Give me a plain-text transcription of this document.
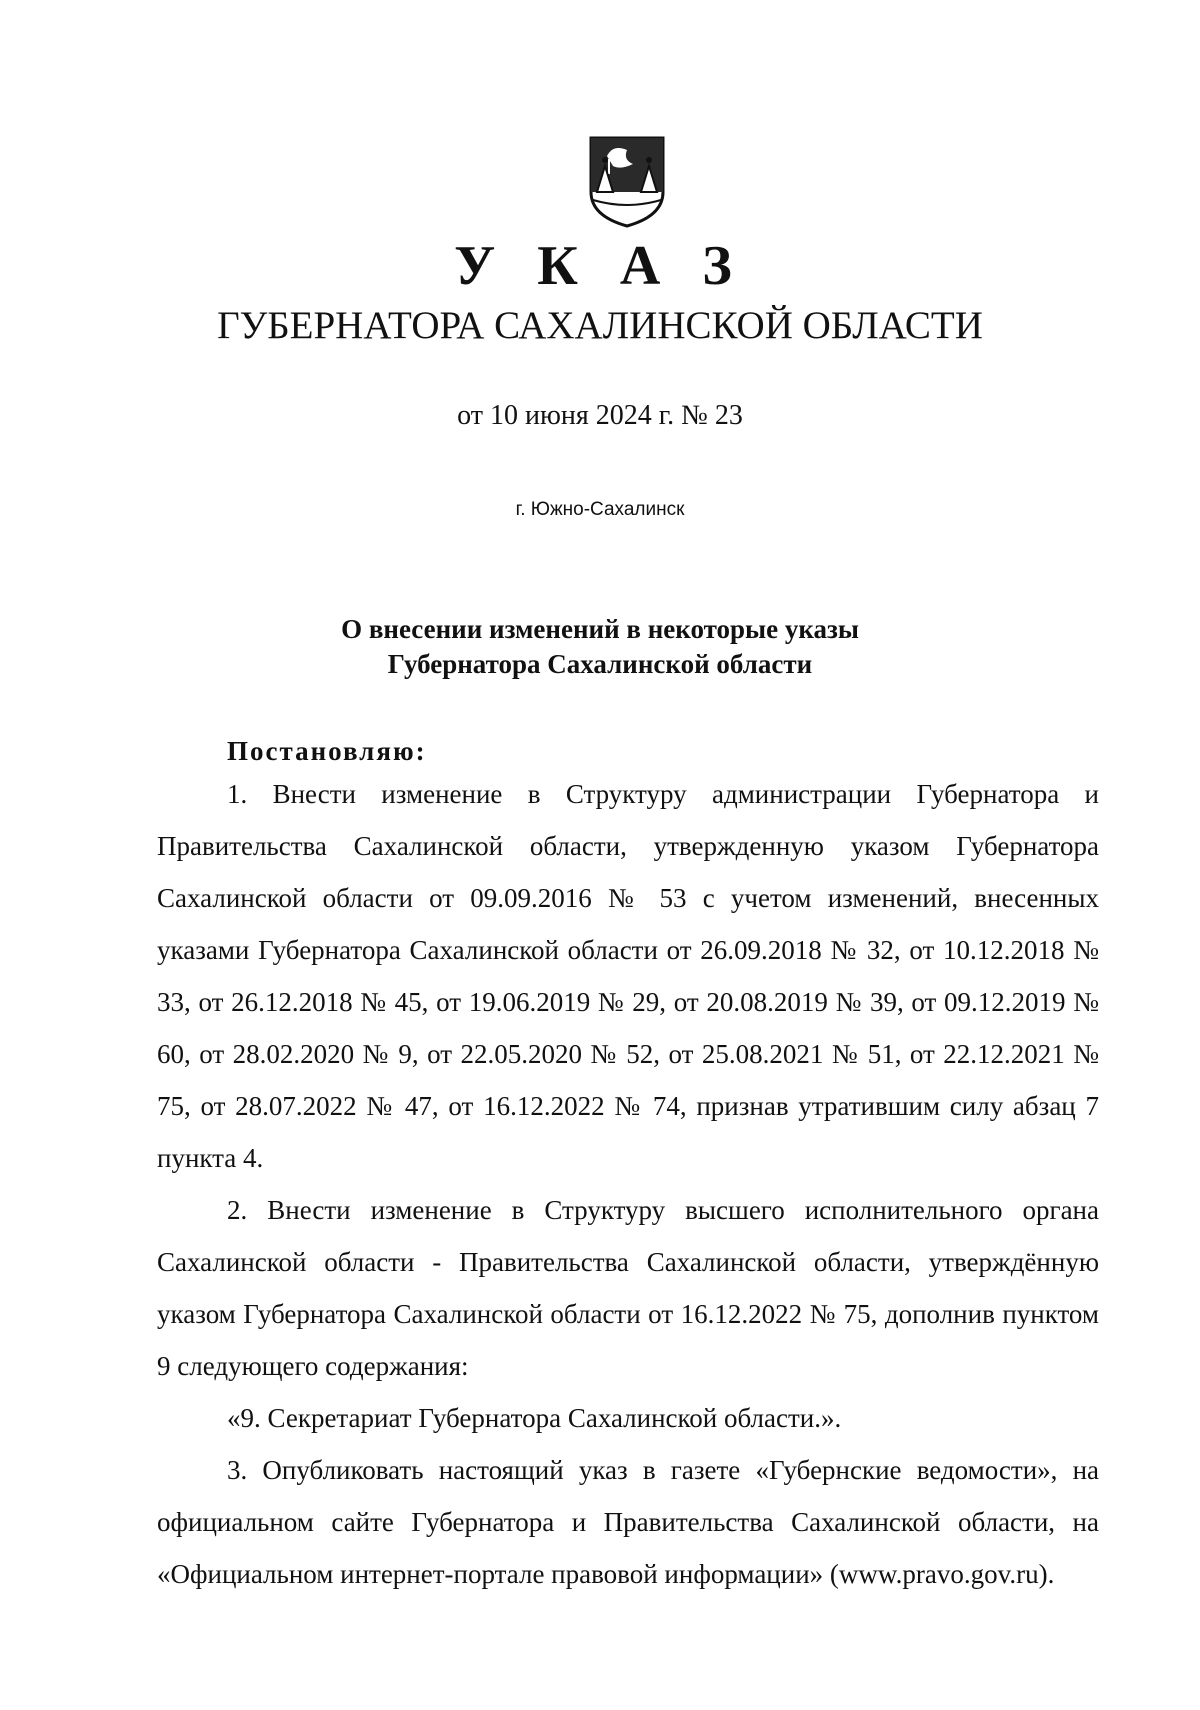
У К А З
ГУБЕРНАТОРА САХАЛИНСКОЙ ОБЛАСТИ
от 10 июня 2024 г. № 23
г. Южно-Сахалинск
О внесении изменений в некоторые указы
Губернатора Сахалинской области
Постановляю:

1. Внести изменение в Структуру администрации Губернатора и Правительства Сахалинской области, утвержденную указом Губернатора Сахалинской области от 09.09.2016 № 53 с учетом изменений, внесенных указами Губернатора Сахалинской области от 26.09.2018 № 32, от 10.12.2018 № 33, от 26.12.2018 № 45, от 19.06.2019 № 29, от 20.08.2019 № 39, от 09.12.2019 № 60, от 28.02.2020 № 9, от 22.05.2020 № 52, от 25.08.2021 № 51, от 22.12.2021 № 75, от 28.07.2022 № 47, от 16.12.2022 № 74, признав утратившим силу абзац 7 пункта 4.

2. Внести изменение в Структуру высшего исполнительного органа Сахалинской области - Правительства Сахалинской области, утверждённую указом Губернатора Сахалинской области от 16.12.2022 № 75, дополнив пунктом 9 следующего содержания:

«9. Секретариат Губернатора Сахалинской области.».

3. Опубликовать настоящий указ в газете «Губернские ведомости», на официальном сайте Губернатора и Правительства Сахалинской области, на «Официальном интернет-портале правовой информации» (www.pravo.gov.ru).
